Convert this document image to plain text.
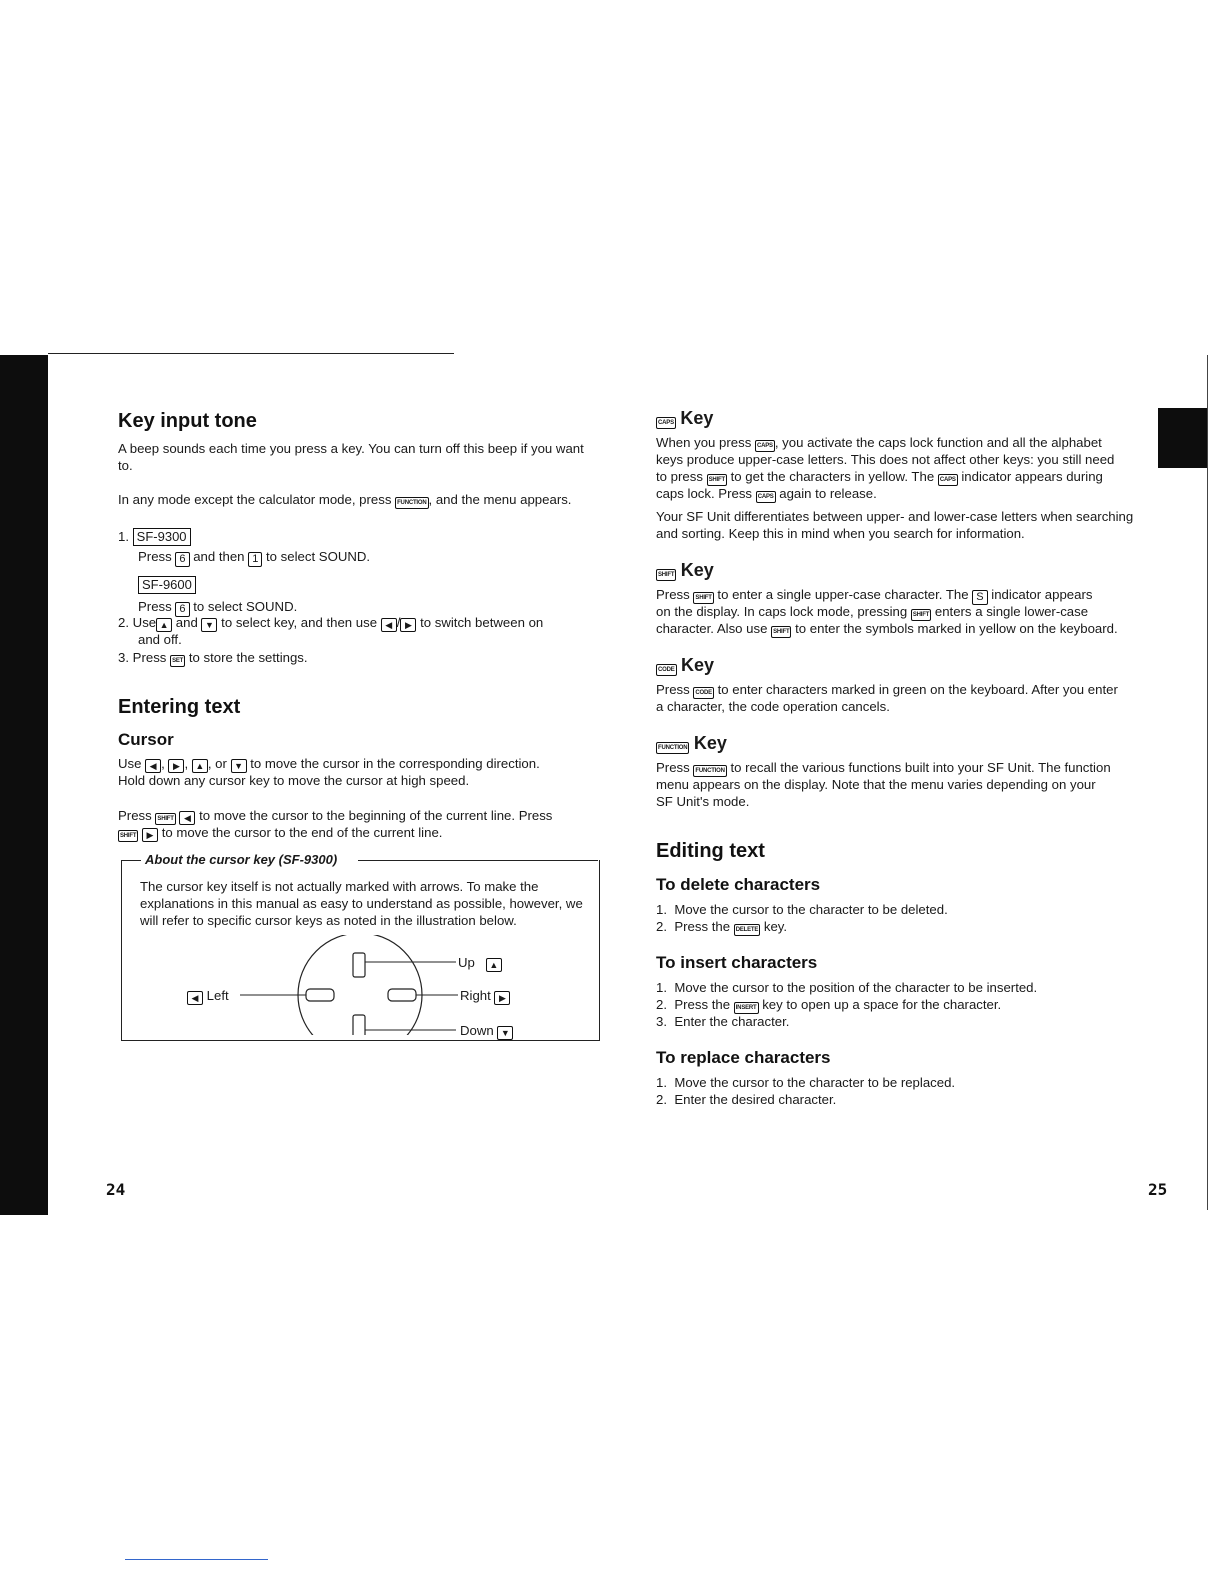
Key input tone

A beep sounds each time you press a key. You can turn off this beep if you want to.

In any mode except the calculator mode, press FUNCTION , and the menu appears.
1. SF-9300
Press 6 and then 1 to select SOUND.
SF-9600
Press 6 to select SOUND.
2. Use ▲ and ▼ to select key, and then use ◀ / ▶ to switch between on
and off.
3. Press SET to store the settings.
Entering text
Cursor
Use ◀ , ▶ , ▲ , or ▼ to move the cursor in the corresponding direction.
Hold down any cursor key to move the cursor at high speed.
Press SHIFT ◀ to move the cursor to the beginning of the current line. Press
SHIFT ▶ to move the cursor to the end of the current line.
About the cursor key (SF-9300)

The cursor key itself is not actually marked with arrows. To make the explanations in this manual as easy to understand as possible, however, we will refer to specific cursor keys as noted in the illustration below.

Up ▲
◀ Left	Right ▶
Down ▼
24
CAPS Key
When you press CAPS , you activate the caps lock function and all the alphabet
keys produce upper-case letters. This does not affect other keys: you still need
to press SHIFT to get the characters in yellow. The CAPS indicator appears during
caps lock. Press CAPS again to release.

Your SF Unit differentiates between upper- and lower-case letters when searching and sorting. Keep this in mind when you search for information.

SHIFT Key
Press SHIFT to enter a single upper-case character. The S indicator appears
on the display. In caps lock mode, pressing SHIFT enters a single lower-case
character. Also use SHIFT to enter the symbols marked in yellow on the keyboard.
CODE Key
Press CODE to enter characters marked in green on the keyboard. After you enter
a character, the code operation cancels.
FUNCTION Key
Press FUNCTION to recall the various functions built into your SF Unit. The function
menu appears on the display. Note that the menu varies depending on your
SF Unit's mode.
Editing text
To delete characters
1. Move the cursor to the character to be deleted.
2. Press the DELETE key.
To insert characters
1. Move the cursor to the position of the character to be inserted.
2. Press the INSERT key to open up a space for the character.
3. Enter the character.
To replace characters
1. Move the cursor to the character to be replaced.
2. Enter the desired character.
25
